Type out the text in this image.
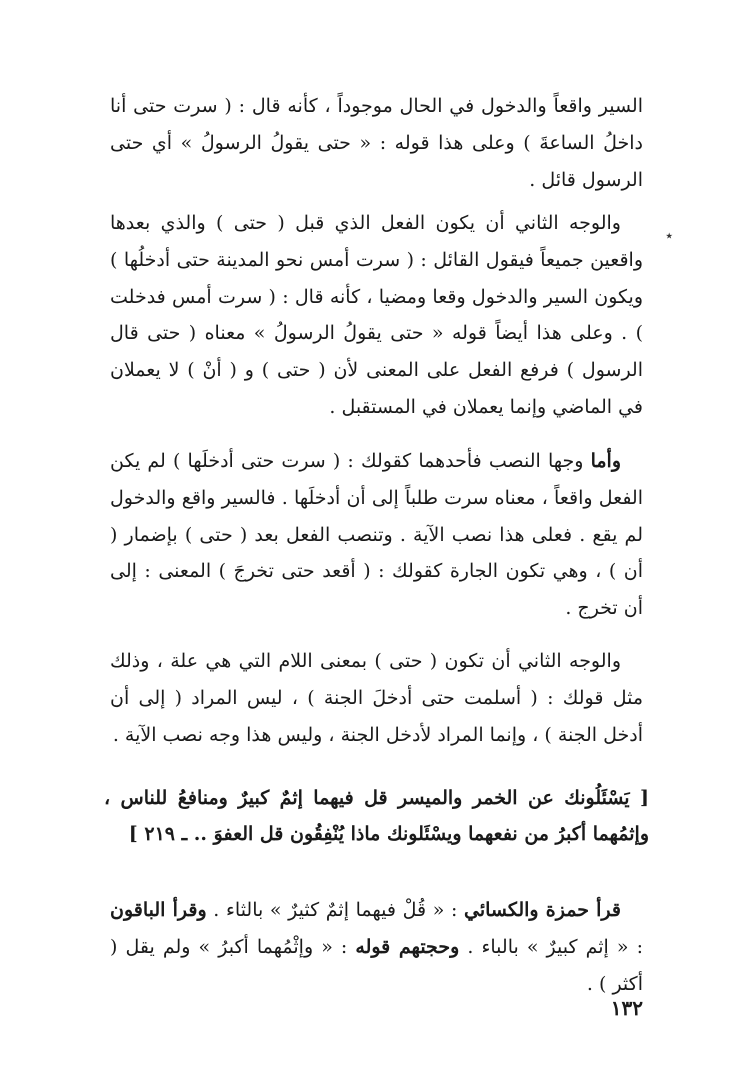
السير واقعاً والدخول في الحال موجوداً ، كأنه قال : ( سرت حتى أنا داخلُ الساعةَ ) وعلى هذا قوله : « حتى يقولُ الرسولُ » أي حتى الرسول قائل .

٭

والوجه الثاني أن يكون الفعل الذي قبل ( حتى ) والذي بعدها واقعين جميعاً فيقول القائل : ( سرت أمس نحو المدينة حتى أدخلُها ) ويكون السير والدخول وقعا ومضيا ، كأنه قال : ( سرت أمس فدخلت ) . وعلى هذا أيضاً قوله « حتى يقولُ الرسولُ » معناه ( حتى قال الرسول ) فرفع الفعل على المعنى لأن ( حتى ) و ( أنْ ) لا يعملان في الماضي وإنما يعملان في المستقبل .

وأما وجها النصب فأحدهما كقولك : ( سرت حتى أدخلَها ) لم يكن الفعل واقعاً ، معناه سرت طلباً إلى أن أدخلَها . فالسير واقع والدخول لم يقع . فعلى هذا نصب الآية . وتنصب الفعل بعد ( حتى ) بإضمار ( أن ) ، وهي تكون الجارة كقولك : ( أقعد حتى تخرجَ ) المعنى : إلى أن تخرج .

والوجه الثاني أن تكون ( حتى ) بمعنى اللام التي هي علة ، وذلك مثل قولك : ( أسلمت حتى أدخلَ الجنة ) ، ليس المراد ( إلى أن أدخل الجنة ) ، وإنما المراد لأدخل الجنة ، وليس هذا وجه نصب الآية .

[ يَسْئَلُونك عن الخمر والميسر قل فيهما إثمٌ كبيرٌ ومنافعُ للناس ، وإثمُهما أكبرُ من نفعهما ويسْئَلونك ماذا يُنْفِقُون قل العفوَ .. ـ ٢١٩ ]

قرأ حمزة والكسائي : « قُلْ فيهما إثمٌ كثيرٌ » بالثاء . وقرأ الباقون : « إثم كبيرٌ » بالباء . وحجتهم قوله : « وإثْمُهما أكبرُ » ولم يقل ( أكثر ) .

١٣٢
